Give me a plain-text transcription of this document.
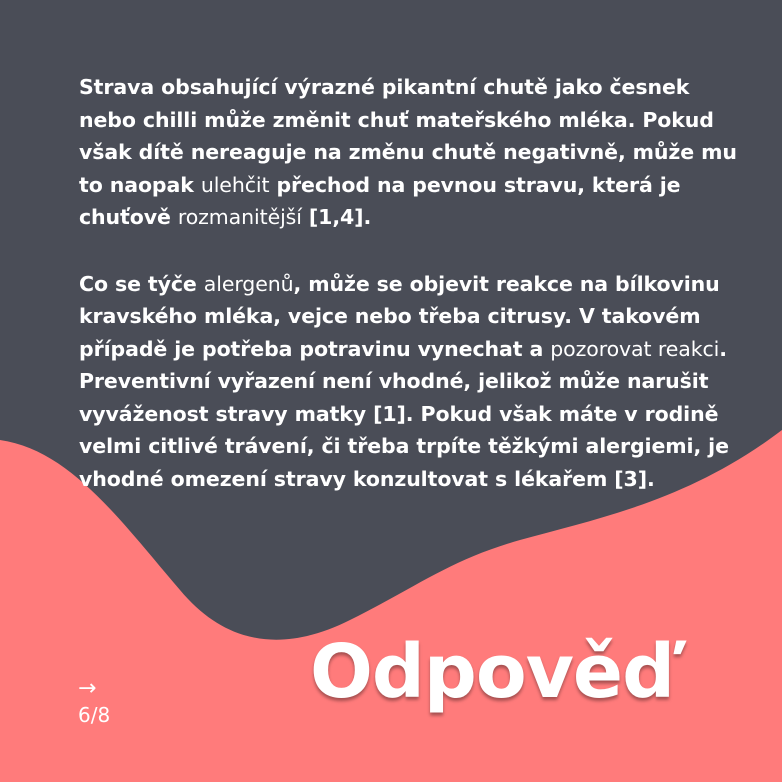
Strava obsahující výrazné pikantní chutě jako česnek nebo chilli může změnit chuť mateřského mléka. Pokud však dítě nereaguje na změnu chutě negativně, může mu to naopak ulehčit přechod na pevnou stravu, která je chuťově rozmanitější [1,4].

Co se týče alergenů, může se objevit reakce na bílkovinu kravského mléka, vejce nebo třeba citrusy. V takovém případě je potřeba potravinu vynechat a pozorovat reakci. Preventivní vyřazení není vhodné, jelikož může narušit vyváženost stravy matky [1]. Pokud však máte v rodině velmi citlivé trávení, či třeba trpíte těžkými alergiemi, je vhodné omezení stravy konzultovat s lékařem [3].

Odpověď
→
6/8
